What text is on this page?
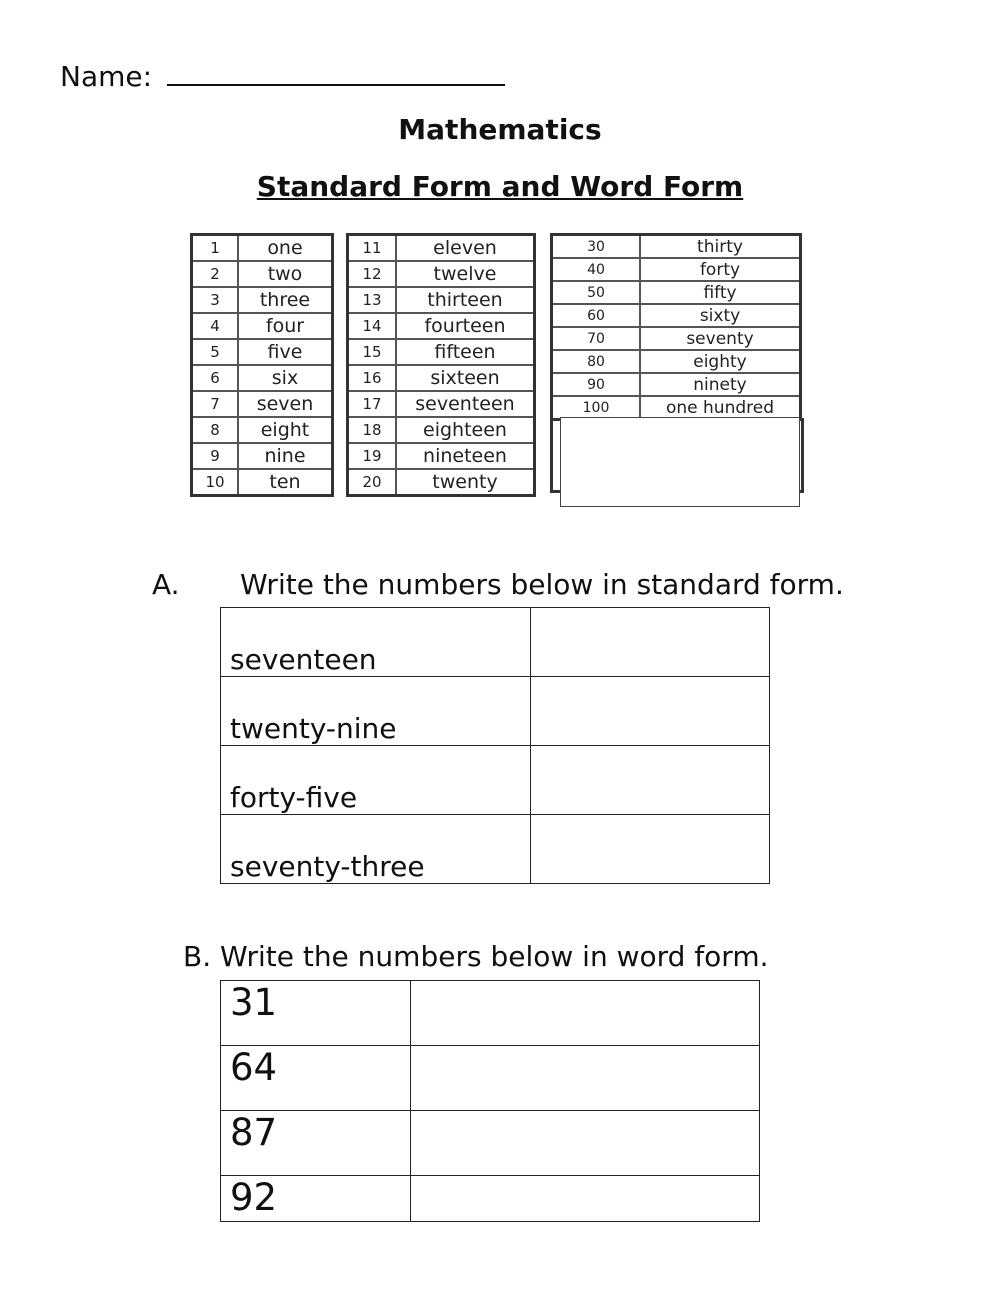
Name:
Mathematics
Standard Form and Word Form
1	one
2	two
3	three
4	four
5	five
6	six
7	seven
8	eight
9	nine
10	ten
11	eleven
12	twelve
13	thirteen
14	fourteen
15	fifteen
16	sixteen
17	seventeen
18	eighteen
19	nineteen
20	twenty
30	thirty
40	forty
50	fifty
60	sixty
70	seventy
80	eighty
90	ninety
100	one hundred
A. Write the numbers below in standard form.
seventeen	
twenty-nine	
forty-five	
seventy-three	
B. Write the numbers below in word form.
31	
64	
87	
92	
